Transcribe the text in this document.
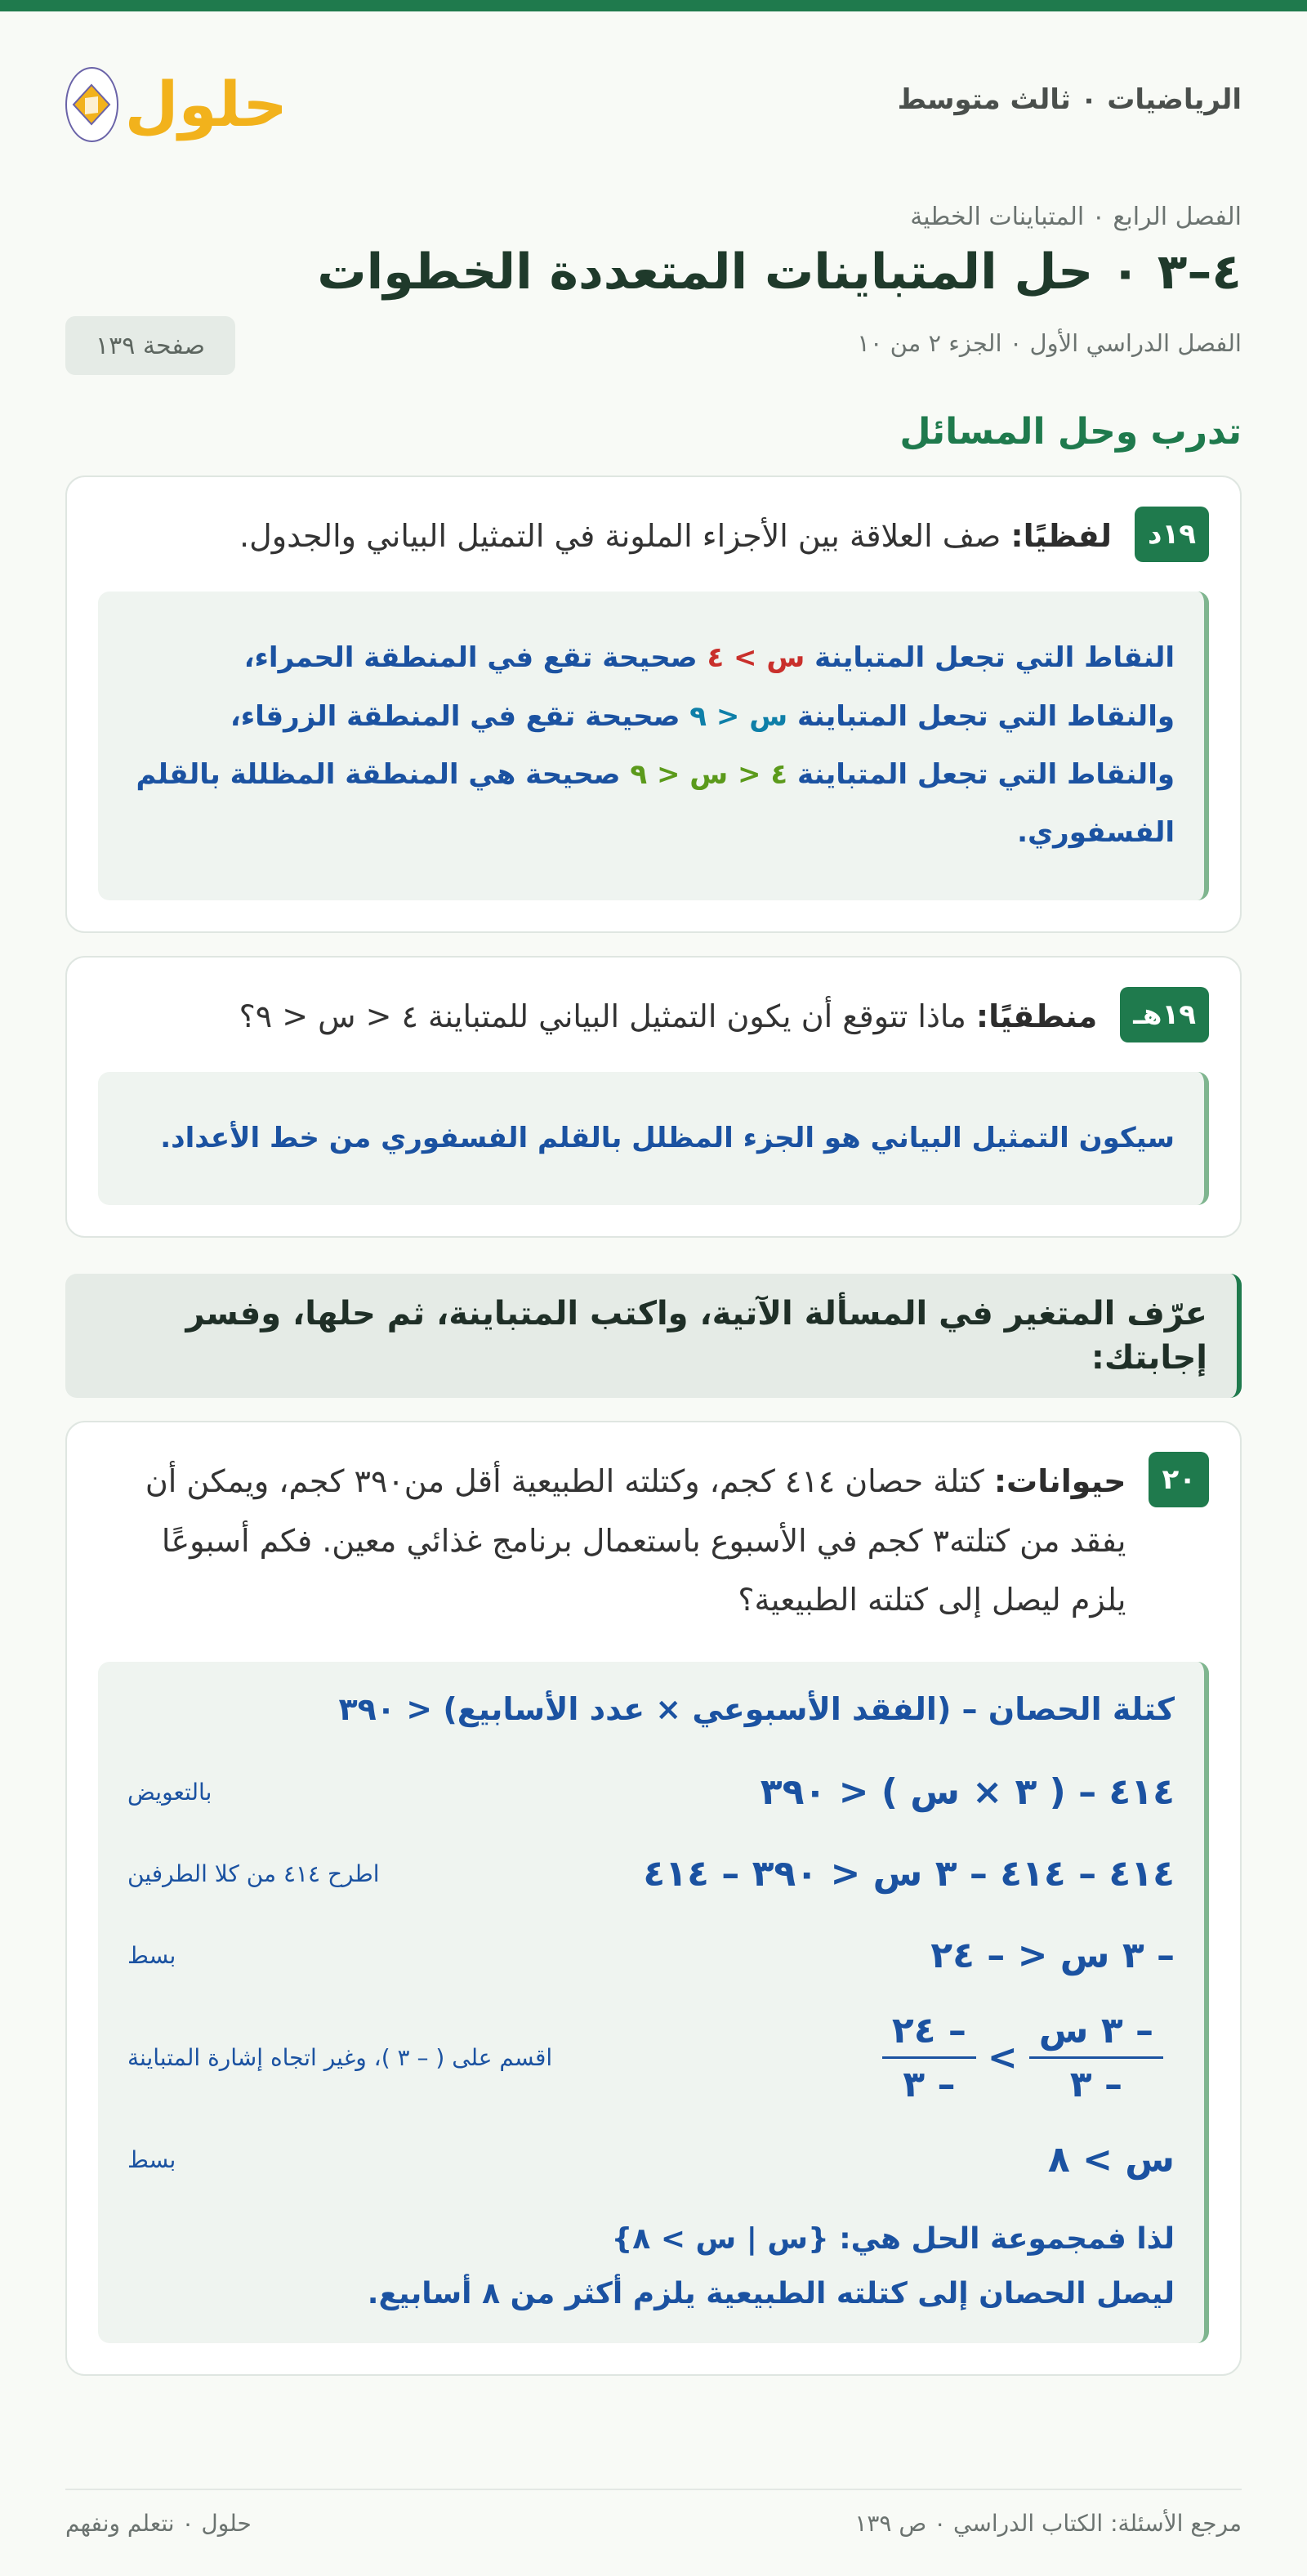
الرياضيات ٠ ثالث متوسط
حلول
الفصل الرابع ٠ المتباينات الخطية
٤–٣ ٠ حل المتباينات المتعددة الخطوات
الفصل الدراسي الأول ٠ الجزء ٢ من ١٠
صفحة ١٣٩
تدرب وحل المسائل
١٩د
لفظيًا: صف العلاقة بين الأجزاء الملونة في التمثيل البياني والجدول.
النقاط التي تجعل المتباينة س > ٤ صحيحة تقع في المنطقة الحمراء،
والنقاط التي تجعل المتباينة س < ٩ صحيحة تقع في المنطقة الزرقاء،
والنقاط التي تجعل المتباينة ٤ < س < ٩ صحيحة هي المنطقة المظللة بالقلم الفسفوري.
١٩هـ
منطقيًا: ماذا تتوقع أن يكون التمثيل البياني للمتباينة ٤ < س < ٩؟
سيكون التمثيل البياني هو الجزء المظلل بالقلم الفسفوري من خط الأعداد.
عرّف المتغير في المسألة الآتية، واكتب المتباينة، ثم حلها، وفسر إجابتك:
٢٠
حيوانات: كتلة حصان ٤١٤ كجم، وكتلته الطبيعية أقل من٣٩٠ كجم، ويمكن أن يفقد من كتلته٣ كجم في الأسبوع باستعمال برنامج غذائي معين. فكم أسبوعًا يلزم ليصل إلى كتلته الطبيعية؟
كتلة الحصان – (الفقد الأسبوعي × عدد الأسابيع) < ٣٩٠
٤١٤ – ( ٣ × س ) < ٣٩٠
بالتعويض
٤١٤ – ٤١٤ – ٣ س < ٣٩٠ – ٤١٤
اطرح ٤١٤ من كلا الطرفين
– ٣ س < – ٢٤
بسط
$\frac{\text{– ٣ س}}{- ٣}$
>
$\frac{- ٢٤}{- ٣}$
اقسم على ( – ٣ )، وغير اتجاه إشارة المتباينة
س > ٨
بسط
لذا فمجموعة الحل هي: {س | س > ٨}
ليصل الحصان إلى كتلته الطبيعية يلزم أكثر من ٨ أسابيع.
مرجع الأسئلة: الكتاب الدراسي ٠ ص ١٣٩
حلول ٠ نتعلم ونفهم
